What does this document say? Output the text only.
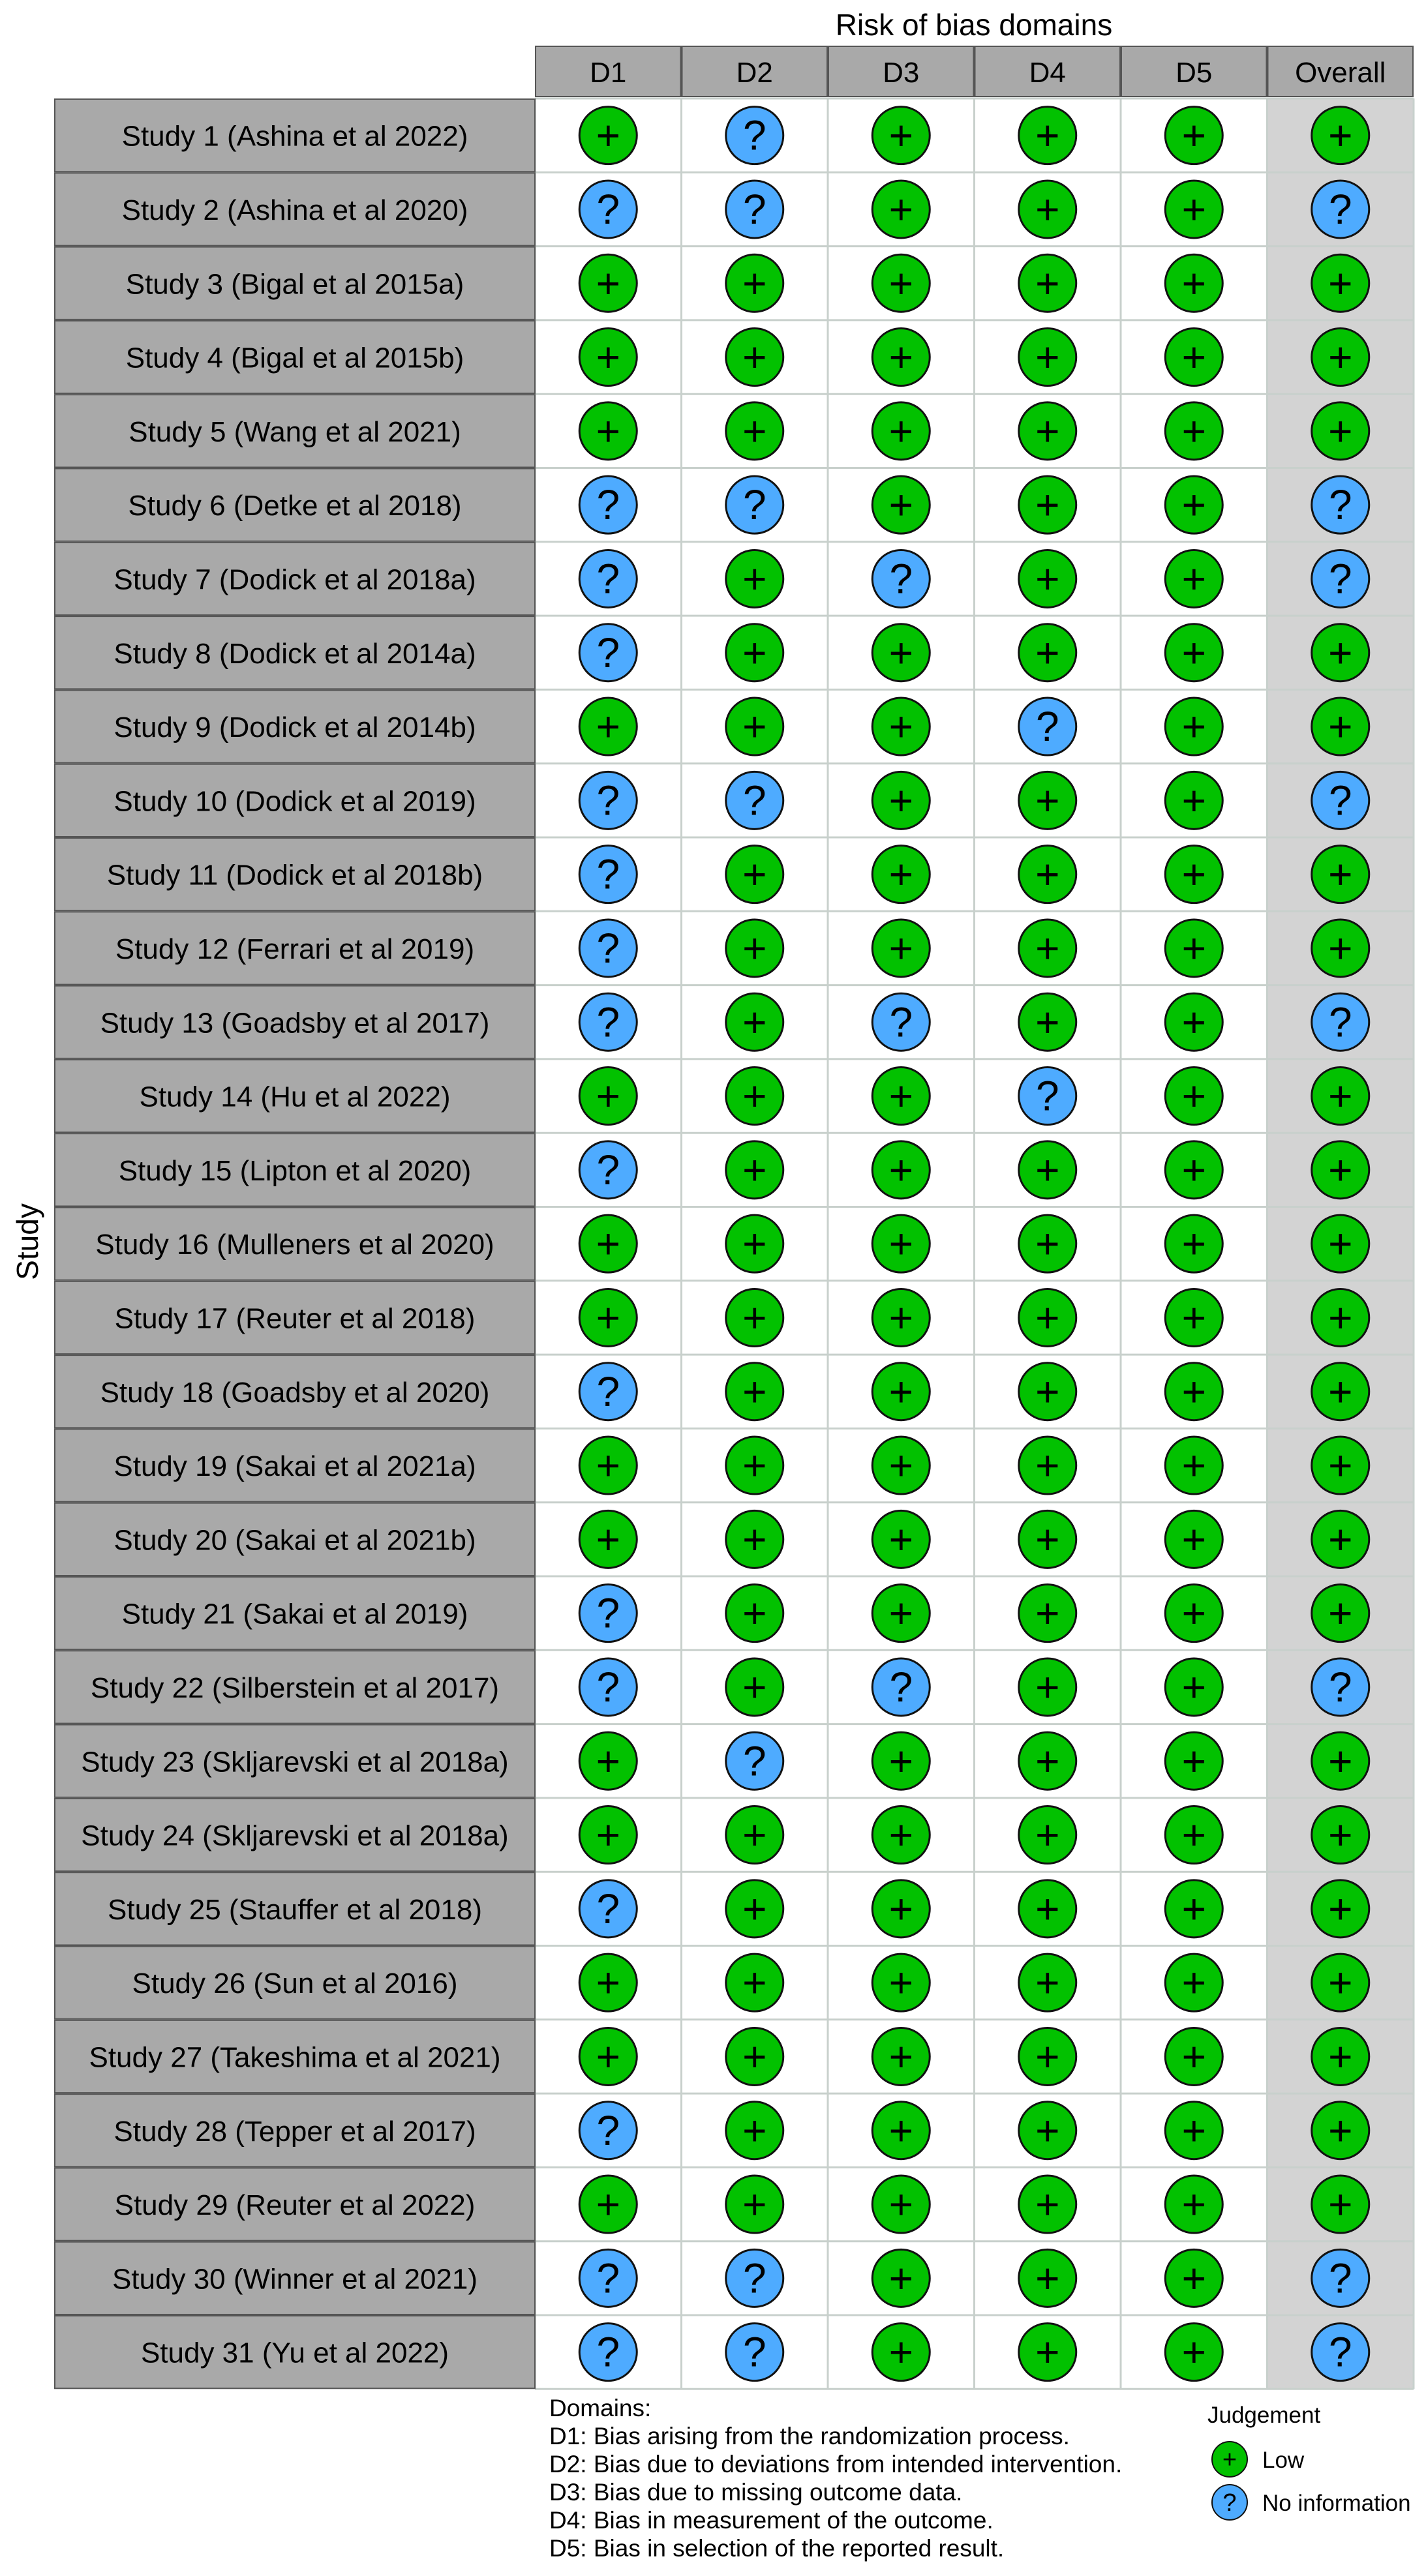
Risk of bias domains
D1	D2	D3	D4	D5	Overall
Study
Study 1 (Ashina et al 2022)	+	?	+	+	+	+
Study 2 (Ashina et al 2020)	?	?	+	+	+	?
Study 3 (Bigal et al 2015a)	+	+	+	+	+	+
Study 4 (Bigal et al 2015b)	+	+	+	+	+	+
Study 5 (Wang et al 2021)	+	+	+	+	+	+
Study 6 (Detke et al 2018)	?	?	+	+	+	?
Study 7 (Dodick et al 2018a)	?	+	?	+	+	?
Study 8 (Dodick et al 2014a)	?	+	+	+	+	+
Study 9 (Dodick et al 2014b)	+	+	+	?	+	+
Study 10 (Dodick et al 2019)	?	?	+	+	+	?
Study 11 (Dodick et al 2018b)	?	+	+	+	+	+
Study 12 (Ferrari et al 2019)	?	+	+	+	+	+
Study 13 (Goadsby et al 2017)	?	+	?	+	+	?
Study 14 (Hu et al 2022)	+	+	+	?	+	+
Study 15 (Lipton et al 2020)	?	+	+	+	+	+
Study 16 (Mulleners et al 2020) +	+	+	+	+	+
Study 17 (Reuter et al 2018)	+	+	+	+	+	+
Study 18 (Goadsby et al 2020)	?	+	+	+	+	+
Study 19 (Sakai et al 2021a)	+	+	+	+	+	+
Study 20 (Sakai et al 2021b)	+	+	+	+	+	+
Study 21 (Sakai et al 2019)	?	+	+	+	+	+
Study 22 (Silberstein et al 2017) ?	+	?	+	+	?
Study 23 (Skljarevski et al 2018a) +	?	+	+	+	+
Study 24 (Skljarevski et al 2018a) +	+	+	+	+	+
Study 25 (Stauffer et al 2018)	?	+	+	+	+	+
Study 26 (Sun et al 2016)	+	+	+	+	+	+
Study 27 (Takeshima et al 2021) +	+	+	+	+	+
Study 28 (Tepper et al 2017)	?	+	+	+	+	+
Study 29 (Reuter et al 2022)	+	+	+	+	+	+
Study 30 (Winner et al 2021)	?	?	+	+	+	?
Study 31 (Yu et al 2022)	?	?	+	+	+	?
Domains:
D1: Bias arising from the randomization process.
D2: Bias due to deviations from intended intervention.
D3: Bias due to missing outcome data.
D4: Bias in measurement of the outcome.
D5: Bias in selection of the reported result.
Judgement
+ Low
? No information
